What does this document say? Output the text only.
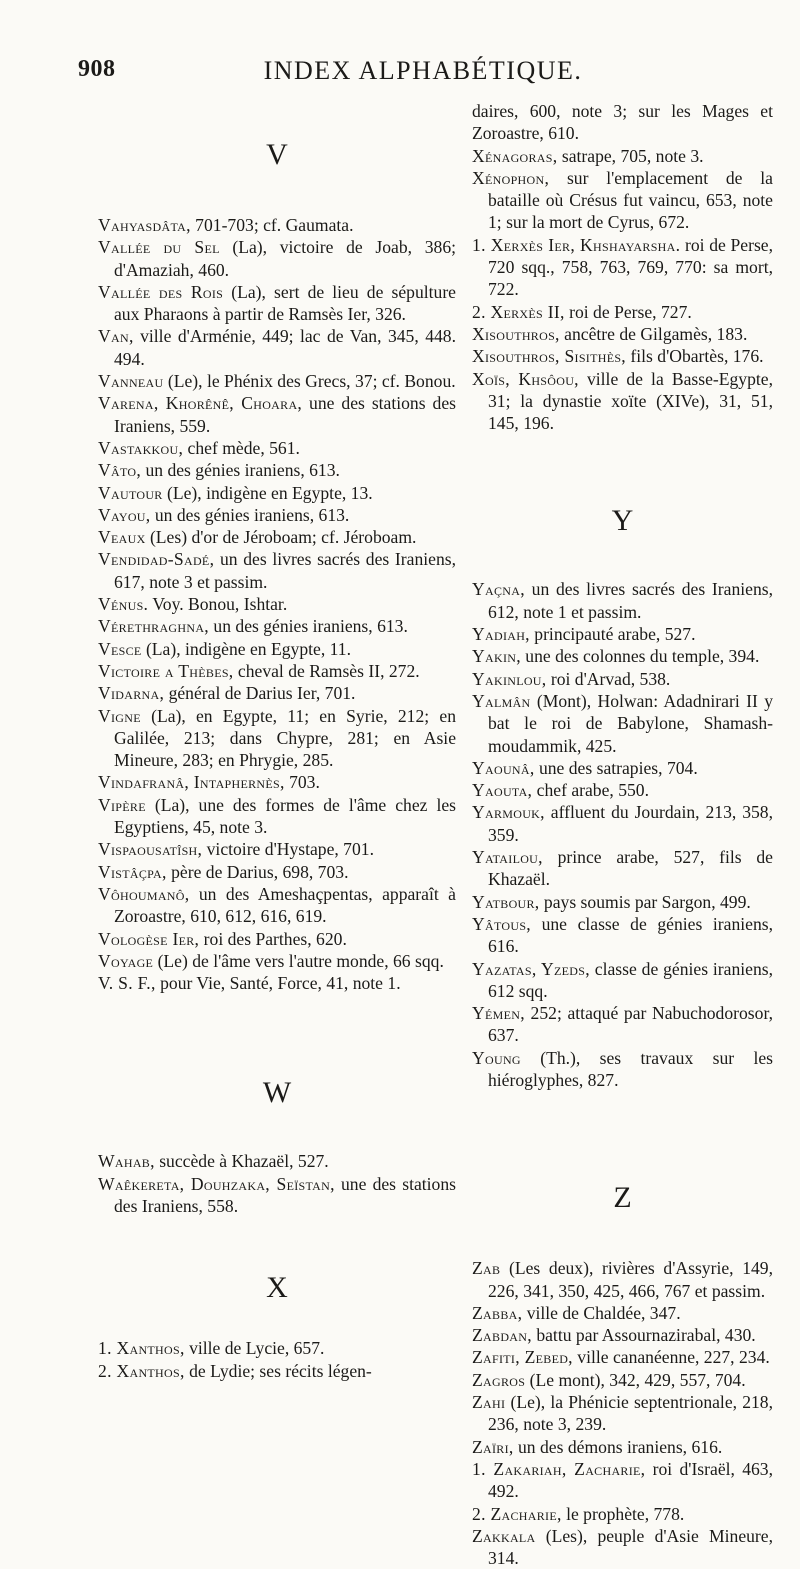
908	INDEX ALPHABÉTIQUE.
V

Vahyasdâta, 701-703; cf. Gaumata.

Vallée du Sel (La), victoire de Joab, 386; d'Amaziah, 460.

Vallée des Rois (La), sert de lieu de sépulture aux Pharaons à partir de Ramsès Ier, 326.

Van, ville d'Arménie, 449; lac de Van, 345, 448. 494.

Vanneau (Le), le Phénix des Grecs, 37; cf. Bonou.

Varena, Khorênê, Choara, une des stations des Iraniens, 559.

Vastakkou, chef mède, 561.

Vâto, un des génies iraniens, 613.

Vautour (Le), indigène en Egypte, 13.

Vayou, un des génies iraniens, 613.

Veaux (Les) d'or de Jéroboam; cf. Jéroboam.

Vendidad-Sadé, un des livres sacrés des Iraniens, 617, note 3 et passim.

Vénus. Voy. Bonou, Ishtar.

Vérethraghna, un des génies iraniens, 613.

Vesce (La), indigène en Egypte, 11.

Victoire a Thèbes, cheval de Ramsès II, 272.

Vidarna, général de Darius Ier, 701.

Vigne (La), en Egypte, 11; en Syrie, 212; en Galilée, 213; dans Chypre, 281; en Asie Mineure, 283; en Phrygie, 285.

Vindafranâ, Intaphernès, 703.

Vipère (La), une des formes de l'âme chez les Egyptiens, 45, note 3.

Vispaousatîsh, victoire d'Hystape, 701.

Vistâçpa, père de Darius, 698, 703.

Vôhoumanô, un des Ameshaçpentas, apparaît à Zoroastre, 610, 612, 616, 619.

Vologèse Ier, roi des Parthes, 620.

Voyage (Le) de l'âme vers l'autre monde, 66 sqq.

V. S. F., pour Vie, Santé, Force, 41, note 1.

W

Wahab, succède à Khazaël, 527.

Waêkereta, Douhzaka, Seïstan, une des stations des Iraniens, 558.

X

1. Xanthos, ville de Lycie, 657.

2. Xanthos, de Lydie; ses récits légen-

daires, 600, note 3; sur les Mages et Zoroastre, 610.

Xénagoras, satrape, 705, note 3.

Xénophon, sur l'emplacement de la bataille où Crésus fut vaincu, 653, note 1; sur la mort de Cyrus, 672.

1. Xerxès Ier, Khshayarsha. roi de Perse, 720 sqq., 758, 763, 769, 770: sa mort, 722.

2. Xerxès II, roi de Perse, 727.

Xisouthros, ancêtre de Gilgamès, 183.

Xisouthros, Sisithès, fils d'Obartès, 176.

Xoïs, Khsôou, ville de la Basse-Egypte, 31; la dynastie xoïte (XIVe), 31, 51, 145, 196.

Y

Yaçna, un des livres sacrés des Iraniens, 612, note 1 et passim.

Yadiah, principauté arabe, 527.

Yakin, une des colonnes du temple, 394.

Yakinlou, roi d'Arvad, 538.

Yalmân (Mont), Holwan: Adadnirari II y bat le roi de Babylone, Shamash-moudammik, 425.

Yaounâ, une des satrapies, 704.

Yaouta, chef arabe, 550.

Yarmouk, affluent du Jourdain, 213, 358, 359.

Yatailou, prince arabe, 527, fils de Khazaël.

Yatbour, pays soumis par Sargon, 499.

Yâtous, une classe de génies iraniens, 616.

Yazatas, Yzeds, classe de génies iraniens, 612 sqq.

Yémen, 252; attaqué par Nabuchodorosor, 637.

Young (Th.), ses travaux sur les hiéroglyphes, 827.

Z

Zab (Les deux), rivières d'Assyrie, 149, 226, 341, 350, 425, 466, 767 et passim.

Zabba, ville de Chaldée, 347.

Zabdan, battu par Assournazirabal, 430.

Zafiti, Zebed, ville cananéenne, 227, 234.

Zagros (Le mont), 342, 429, 557, 704.

Zahi (Le), la Phénicie septentrionale, 218, 236, note 3, 239.

Zaïri, un des démons iraniens, 616.

1. Zakariah, Zacharie, roi d'Israël, 463, 492.

2. Zacharie, le prophète, 778.

Zakkala (Les), peuple d'Asie Mineure, 314.
